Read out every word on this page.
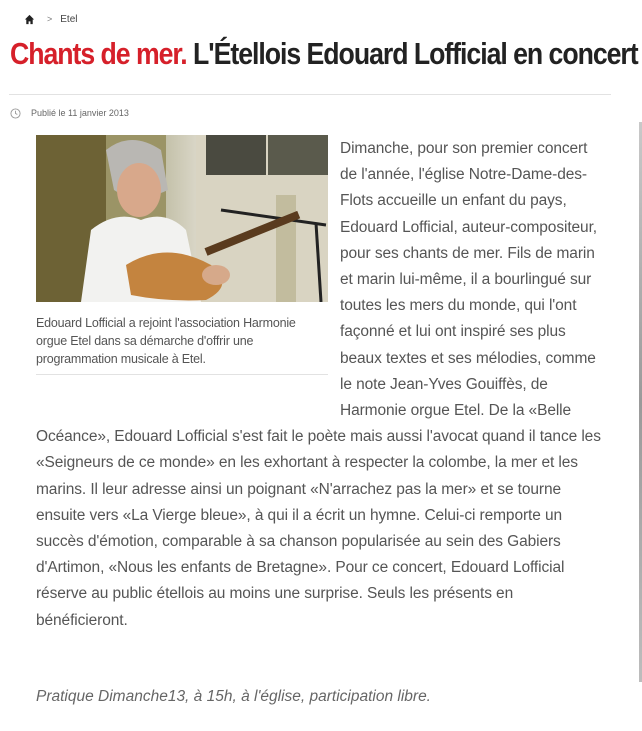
> Etel
Chants de mer. L'Étellois Edouard Lofficial en concert
Publié le 11 janvier 2013
Dimanche, pour son premier concert de l'année, l'église Notre-Dame-des-Flots accueille un enfant du pays, Edouard Lofficial, auteur-compositeur, pour ses chants de mer. Fils de marin et marin lui-même, il a bourlingué sur toutes les mers du monde, qui l'ont façonné et lui ont inspiré ses plus beaux textes et ses mélodies, comme le note Jean-Yves Gouiffès, de Harmonie orgue Etel. De la «Belle Océance», Edouard Lofficial s'est fait le poète mais aussi l'avocat quand il tance les «Seigneurs de ce monde» en les exhortant à respecter la colombe, la mer et les marins. Il leur adresse ainsi un poignant «N'arrachez pas la mer» et se tourne ensuite vers «La Vierge bleue», à qui il a écrit un hymne. Celui-ci remporte un succès d'émotion, comparable à sa chanson popularisée au sein des Gabiers d'Artimon, «Nous les enfants de Bretagne». Pour ce concert, Edouard Lofficial réserve au public étellois au moins une surprise. Seuls les présents en bénéficieront.
Edouard Lofficial a rejoint l'association Harmonie orgue Etel dans sa démarche d'offrir une programmation musicale à Etel.

Pratique Dimanche13, à 15h, à l'église, participation libre.
